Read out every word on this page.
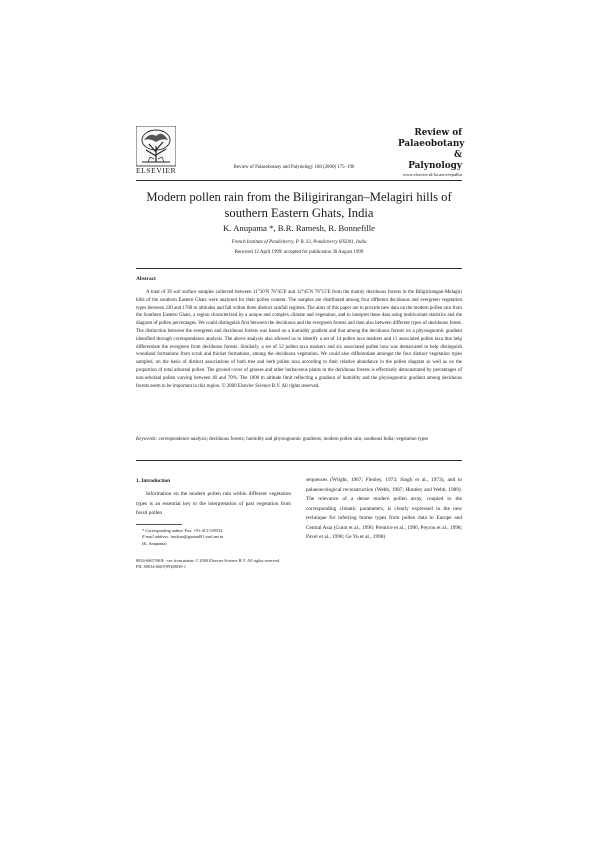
ELSEVIER	Review of Palaeobotany and Palynology 108 (2000) 175–196
Review of
Palaeobotany
& Palynology
www.elsevier.nl/locate/revpalbo
Modern pollen rain from the Biligirirangan–Melagiri hills of southern Eastern Ghats, India
K. Anupama *, B.R. Ramesh, R. Bonnefille
French Institute of Pondicherry, P. B. 33, Pondicherry 605001, India
Received 12 April 1999; accepted for publication 30 August 1999
Abstract
A total of 39 soil surface samples collected between 11°30'N 76°45'E and 12°45'N 78°15'E from the mainly deciduous forests in the Biligirirangan-Melagiri hills of the southern Eastern Ghats were analysed for their pollen content. The samples are distributed among four different deciduous and evergreen vegetation types between 230 and 1700 m altitudes and fall within three distinct rainfall regimes. The aims of this paper are to provide new data on the modern pollen rain from the Southern Eastern Ghats, a region characterized by a unique and complex climate and vegetation, and to interpret these data using multivariate statistics and the diagram of pollen percentages. We could distinguish first between the deciduous and the evergreen forests and then also between different types of deciduous forest. The distinction between the evergreen and deciduous forests was based on a humidity gradient and that among the deciduous forests on a physiognomic gradient identified through correspondence analysis. The above analysis also allowed us to identify a set of 14 pollen taxa markers and 11 associated pollen taxa that help differentiate the evergreen from deciduous forests. Similarly, a set of 12 pollen taxa markers and six associated pollen taxa was demarcated to help distinguish woodland formations from scrub and thicket formations, among the deciduous vegetation. We could also differentiate amongst the four distinct vegetation types sampled, on the basis of distinct associations of both tree and herb pollen taxa according to their relative abundance in the pollen diagram as well as on the proportion of total arboreal pollen. The ground cover of grasses and other herbaceous plants in the deciduous forests is effectively demonstrated by percentages of non-arboreal pollen varying between 40 and 70%. The 1000 m altitude limit reflecting a gradient of humidity and the physiognomic gradient among deciduous forests seem to be important in this region. © 2000 Elsevier Science B.V. All rights reserved.
Keywords: correspondence analysis; deciduous forests; humidity and physiognomic gradients; modern pollen rain; southeast India; vegetation types
1. Introduction
Information on the modern pollen rain within different vegetation types is an essential key to the interpretation of past vegetation from fossil pollen
sequences (Wright, 1967; Flenley, 1973; Singh et al., 1973), and to palaeoecological reconstruction (Webb, 1987; Huntley and Webb, 1989). The relevance of a dense modern pollen array, coupled to the corresponding climatic parameters, is clearly expressed in the new technique for inferring biome types from pollen data in Europe and Central Asia (Guiot et al., 1996; Prentice et al., 1996, Peyron et al., 1998; Pavel et al., 1998; Ge Yu et al., 1998)
* Corresponding author. Fax: +91-413-339534.
E-mail address: instfran@giasmd01.vsnl.net.in
(K. Anupama)
0034-6667/00/$ - see front matter © 2000 Elsevier Science B.V. All rights reserved.
PII: S0034-6667(99)00039-1
